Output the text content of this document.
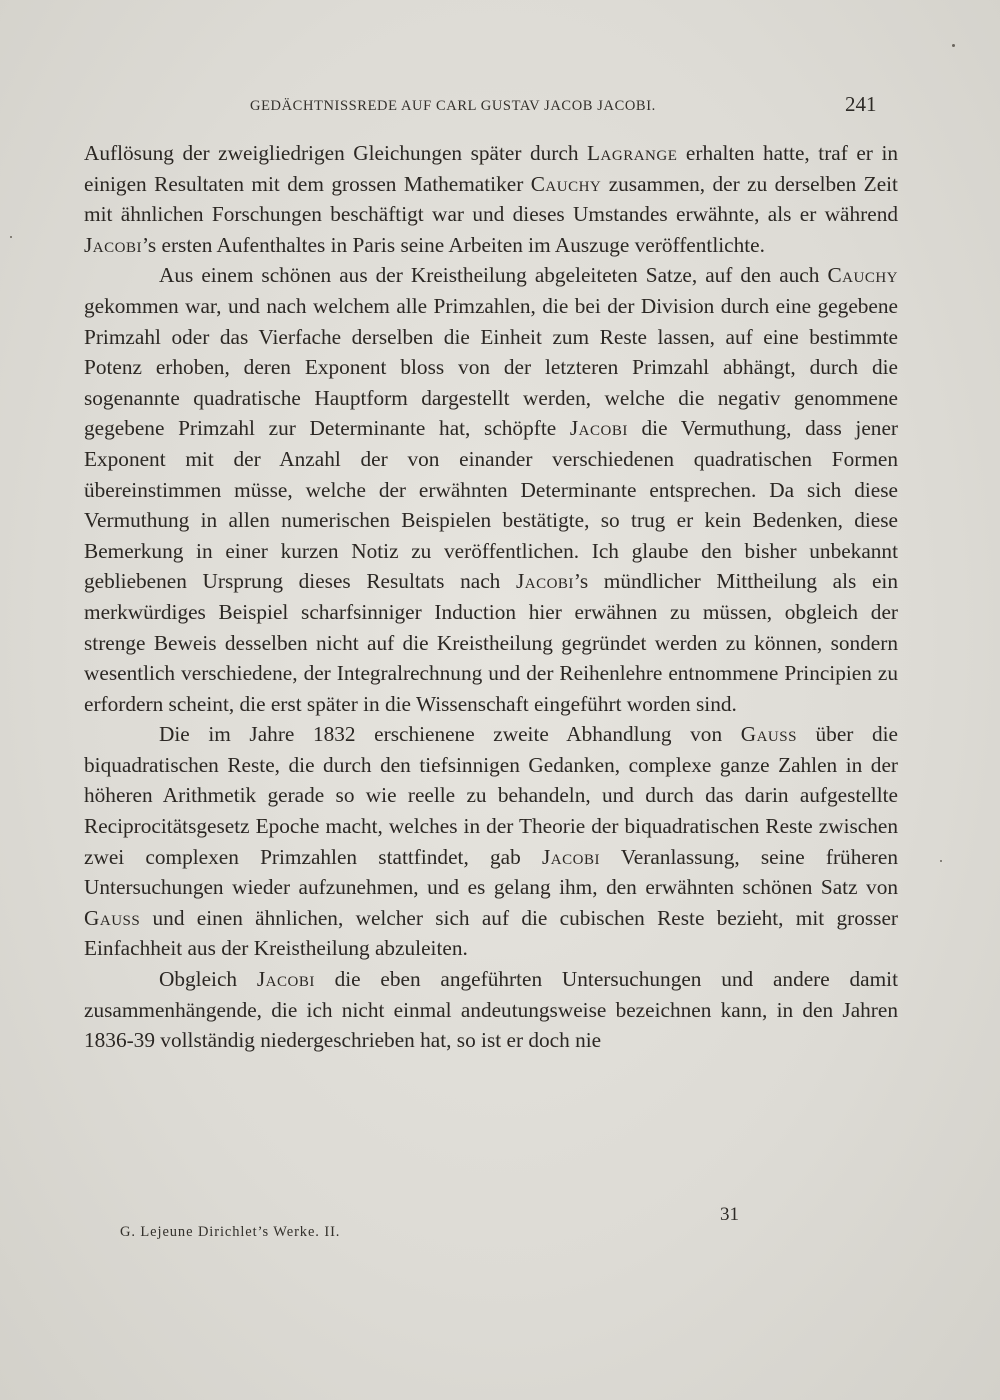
GEDÄCHTNISSREDE AUF CARL GUSTAV JACOB JACOBI.	241

Auflösung der zweigliedrigen Gleichungen später durch Lagrange erhalten hatte, traf er in einigen Resultaten mit dem grossen Mathematiker Cauchy zusammen, der zu derselben Zeit mit ähnlichen Forschungen beschäftigt war und dieses Umstandes erwähnte, als er während Jacobi’s ersten Aufenthaltes in Paris seine Arbeiten im Auszuge veröffentlichte.

Aus einem schönen aus der Kreistheilung abgeleiteten Satze, auf den auch Cauchy gekommen war, und nach welchem alle Primzahlen, die bei der Division durch eine gegebene Primzahl oder das Vierfache derselben die Einheit zum Reste lassen, auf eine bestimmte Potenz erhoben, deren Exponent bloss von der letzteren Primzahl abhängt, durch die sogenannte quadratische Hauptform dargestellt werden, welche die negativ genommene gegebene Primzahl zur Determinante hat, schöpfte Jacobi die Vermuthung, dass jener Exponent mit der Anzahl der von einander verschiedenen quadratischen Formen übereinstimmen müsse, welche der erwähnten Determinante entsprechen. Da sich diese Vermuthung in allen numerischen Beispielen bestätigte, so trug er kein Bedenken, diese Bemerkung in einer kurzen Notiz zu veröffentlichen. Ich glaube den bisher unbekannt gebliebenen Ursprung dieses Resultats nach Jacobi’s mündlicher Mittheilung als ein merkwürdiges Beispiel scharfsinniger Induction hier erwähnen zu müssen, obgleich der strenge Beweis desselben nicht auf die Kreistheilung gegründet werden zu können, sondern wesentlich verschiedene, der Integralrechnung und der Reihenlehre entnommene Principien zu erfordern scheint, die erst später in die Wissenschaft eingeführt worden sind.

Die im Jahre 1832 erschienene zweite Abhandlung von Gauss über die biquadratischen Reste, die durch den tiefsinnigen Gedanken, complexe ganze Zahlen in der höheren Arithmetik gerade so wie reelle zu behandeln, und durch das darin aufgestellte Reciprocitätsgesetz Epoche macht, welches in der Theorie der biquadratischen Reste zwischen zwei complexen Primzahlen stattfindet, gab Jacobi Veranlassung, seine früheren Untersuchungen wieder aufzunehmen, und es gelang ihm, den erwähnten schönen Satz von Gauss und einen ähnlichen, welcher sich auf die cubischen Reste bezieht, mit grosser Einfachheit aus der Kreistheilung abzuleiten.

Obgleich Jacobi die eben angeführten Untersuchungen und andere damit zusammenhängende, die ich nicht einmal andeutungsweise bezeichnen kann, in den Jahren 1836-39 vollständig niedergeschrieben hat, so ist er doch nie

31
G. Lejeune Dirichlet’s Werke. II.
